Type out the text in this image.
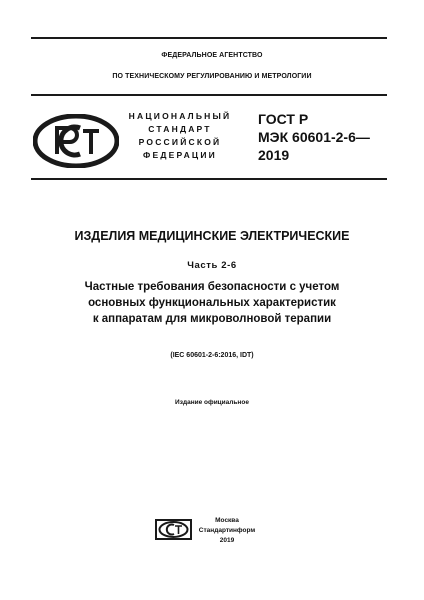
ФЕДЕРАЛЬНОЕ АГЕНТСТВО
ПО ТЕХНИЧЕСКОМУ РЕГУЛИРОВАНИЮ И МЕТРОЛОГИИ
НАЦИОНАЛЬНЫЙ
СТАНДАРТ
РОССИЙСКОЙ
ФЕДЕРАЦИИ
ГОСТ Р
МЭК 60601-2-6—
2019
ИЗДЕЛИЯ МЕДИЦИНСКИЕ ЭЛЕКТРИЧЕСКИЕ
Часть 2-6
Частные требования безопасности с учетом
основных функциональных характеристик
к аппаратам для микроволновой терапии
(IEC 60601-2-6:2016, IDT)
Издание официальное
Москва
Стандартинформ
2019
